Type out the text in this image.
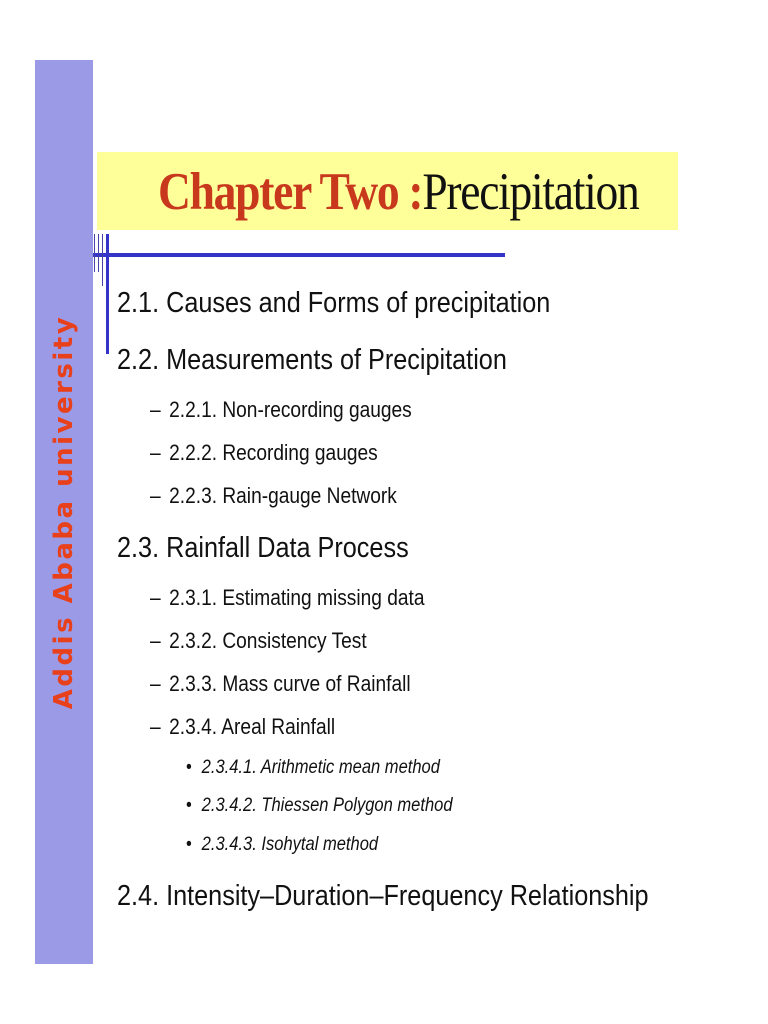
Addis Ababa university
Chapter Two :Precipitation
2.1. Causes and Forms of precipitation
2.2. Measurements of Precipitation
– 2.2.1. Non-recording gauges
– 2.2.2. Recording gauges
– 2.2.3. Rain-gauge Network
2.3. Rainfall Data Process
– 2.3.1. Estimating missing data
– 2.3.2. Consistency Test
– 2.3.3. Mass curve of Rainfall
– 2.3.4. Areal Rainfall
• 2.3.4.1. Arithmetic mean method
• 2.3.4.2. Thiessen Polygon method
• 2.3.4.3. Isohytal method
2.4. Intensity–Duration–Frequency Relationship
